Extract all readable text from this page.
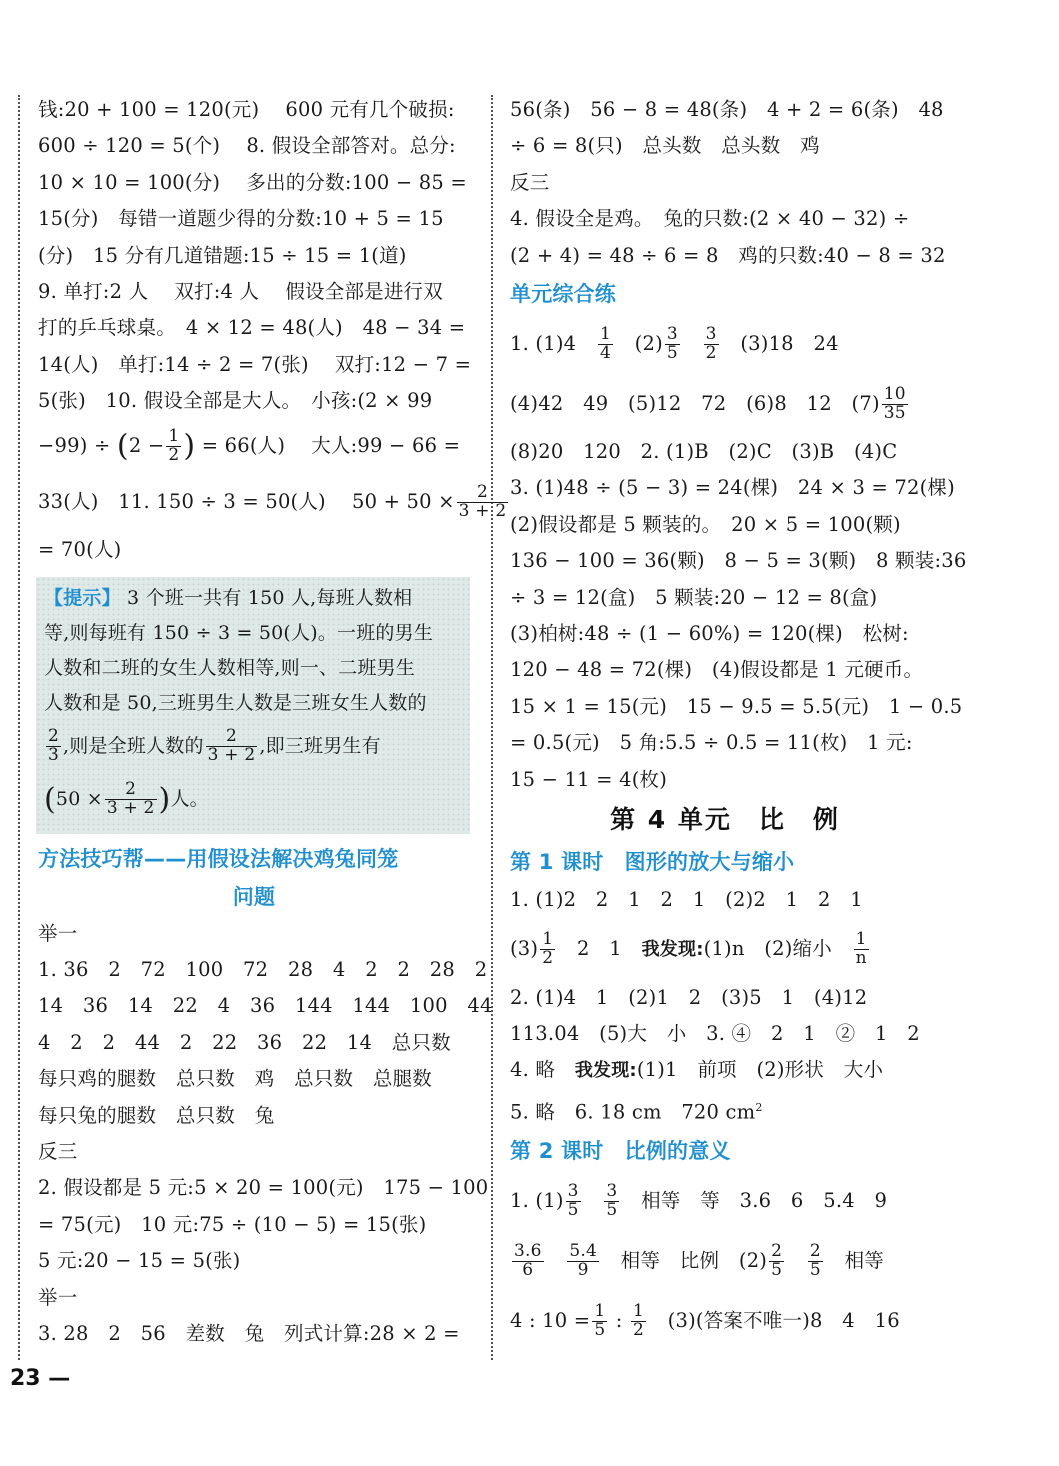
钱:20 + 100 = 120(元)　 600 元有几个破损:
600 ÷ 120 = 5(个)　 8. 假设全部答对。总分:
10 × 10 = 100(分)　 多出的分数:100 − 85 =
15(分)　每错一道题少得的分数:10 + 5 = 15
(分)　15 分有几道错题:15 ÷ 15 = 1(道)
9. 单打:2 人　 双打:4 人　 假设全部是进行双
打的乒乓球桌。　4 × 12 = 48(人)　48 − 34 =
14(人)　单打:14 ÷ 2 = 7(张)　 双打:12 − 7 =
5(张)　10. 假设全部是大人。　小孩:(2 × 99
$-99) \div (2 - \frac{1}{2}$ ) = 66(人)　 大人:99 − 66 =
33(人)　11. 150 ÷ 3 = 50(人)　 $50 + 50 \times \frac{2}{3 + 2}$
= 70(人)
【提示】 3 个班一共有 150 人,每班人数相
等,则每班有 150 ÷ 3 = 50(人)。一班的男生
人数和二班的女生人数相等,则一、二班男生
人数和是 50,三班男生人数是三班女生人数的
$\frac{2}{3}$ ,则是全班人数的 $\frac{2}{3 + 2}$ ,即三班男生有
($50 \times \frac{2}{3 + 2}$ )人。
方法技巧帮——用假设法解决鸡兔同笼
问题
举一
1. 36　2　72　100　72　28　4　2　2　28　2
14　36　14　22　4　36　144　144　100　44
4　2　2　44　2　22　36　22　14　总只数
每只鸡的腿数　总只数　鸡　总只数　总腿数
每只兔的腿数　总只数　兔
反三
2. 假设都是 5 元:5 × 20 = 100(元)　175 − 100
= 75(元)　10 元:75 ÷ (10 − 5) = 15(张)
5 元:20 − 15 = 5(张)
举一
3. 28　2　56　差数　兔　列式计算:28 × 2 =
56(条)　56 − 8 = 48(条)　4 + 2 = 6(条)　48
÷ 6 = 8(只)　总头数　总头数　鸡
反三
4. 假设全是鸡。　兔的只数:(2 × 40 − 32) ÷
(2 + 4) = 48 ÷ 6 = 8　鸡的只数:40 − 8 = 32
单元综合练
1. (1)4　 $\frac{1}{4}$ 　$(2) \frac{3}{5}$
　 $\frac{3}{2}$ 　(3)18　24
(4)42　49　(5)12　72　(6)8　12　$(7) \frac{10}{35}$
(8)20　120　2. (1)B　(2)C　(3)B　(4)C
3. (1)48 ÷ (5 − 3) = 24(棵)　24 × 3 = 72(棵)
(2)假设都是 5 颗装的。　20 × 5 = 100(颗)
136 − 100 = 36(颗)　8 − 5 = 3(颗)　8 颗装:36
÷ 3 = 12(盒)　5 颗装:20 − 12 = 8(盒)
(3)柏树:48 ÷ (1 − 60%) = 120(棵)　松树:
120 − 48 = 72(棵)　(4)假设都是 1 元硬币。
15 × 1 = 15(元)　15 − 9.5 = 5.5(元)　1 − 0.5
= 0.5(元)　5 角:5.5 ÷ 0.5 = 11(枚)　1 元:
15 − 11 = 4(枚)
第 4 单元　比　例
第 1 课时　图形的放大与缩小
1. (1)2　2　1　2　1　(2)2　1　2　1
$(3) \frac{1}{2}$ 　2　1　我发现:(1)n　(2)缩小　 $\frac{1}{n}$
2. (1)4　1　(2)1　2　(3)5　1　(4)12
113.04　(5)大　小　3. ④　2　1　②　1　2
4. 略　我发现:(1)1　前项　(2)形状　大小
5. 略　6. 18 cm　720 $cm^2$
第 2 课时　比例的意义
1. $(1) \frac{3}{5}$
　 $\frac{3}{5}$ 　相等　等　3.6　6　5.4　9
$\frac{3.6}{6}$
　 $\frac{5.4}{9}$ 　相等　比例　$(2) \frac{2}{5}$
　 $\frac{2}{5}$ 　相等
4 : $10 = \frac{1}{5}$ : $\frac{1}{2}$ 　(3)(答案不唯一)8　4　16
23 —
